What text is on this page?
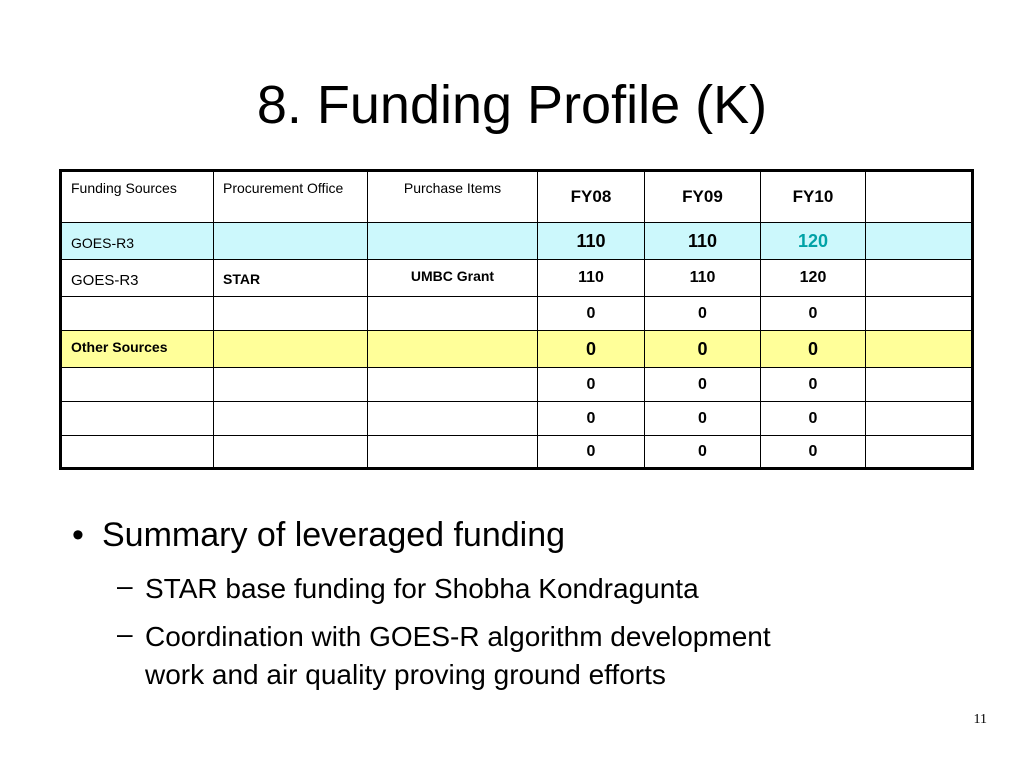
8. Funding Profile (K)
Funding Sources	Procurement Office	Purchase Items	FY08	FY09	FY10	
GOES-R3			110	110	120	
GOES-R3	STAR	UMBC Grant	110	110	120	
			0	0	0	
Other Sources			0	0	0	
			0	0	0	
			0	0	0	
			0	0	0	
• Summary of leveraged funding
– STAR base funding for Shobha Kondragunta
– Coordination with GOES-R algorithm development
work and air quality proving ground efforts
11
